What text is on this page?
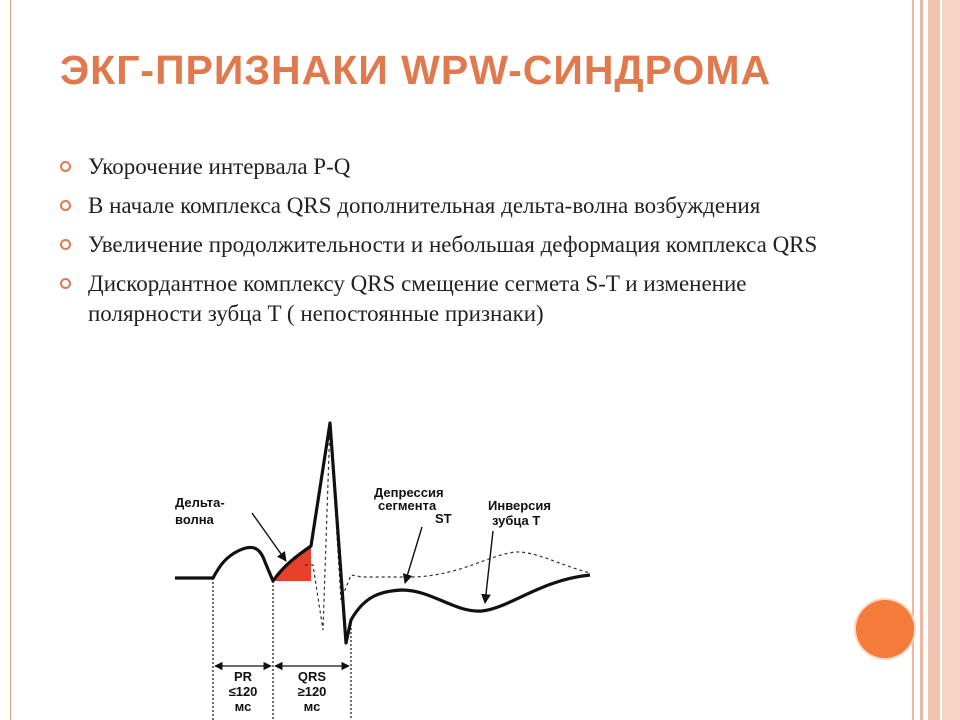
ЭКГ-ПРИЗНАКИ WPW-СИНДРОМА
Укорочение интервала P-Q
В начале комплекса QRS дополнительная дельта-волна возбуждения
Увеличение продолжительности и небольшая деформация комплекса QRS
Дискордантное комплексу QRS смещение сегмета S-T и изменение полярности зубца T ( непостоянные признаки)
Дельта-
волна
Депрессия
сегмента
ST
Инверсия
зубца Т
PR
≤120
мс
QRS
≥120
мс
